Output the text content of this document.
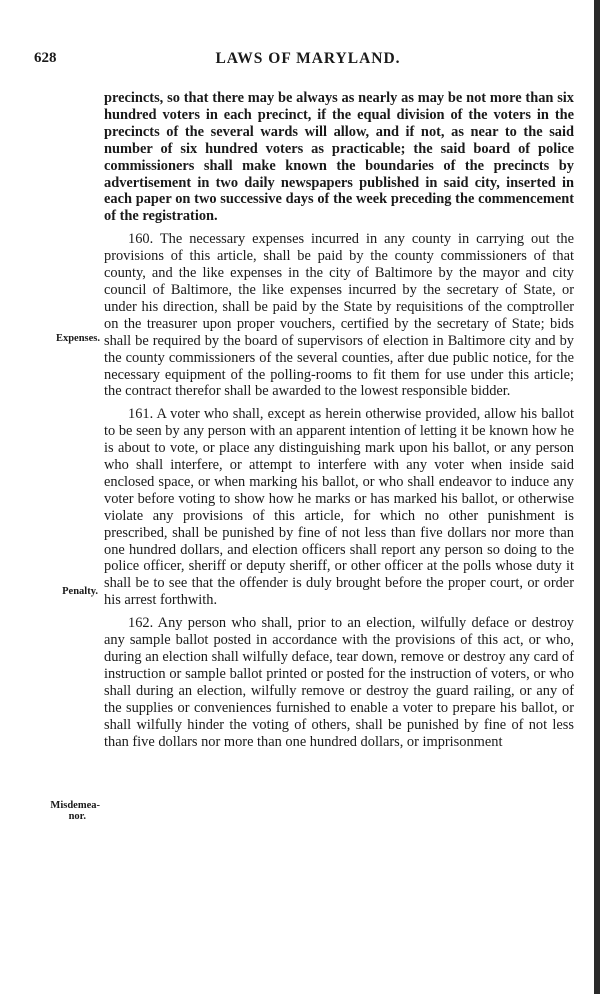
628	LAWS OF MARYLAND.

precincts, so that there may be always as nearly as may be not more than six hundred voters in each precinct, if the equal division of the voters in the precincts of the several wards will allow, and if not, as near to the said number of six hundred voters as practicable; the said board of police commissioners shall make known the boundaries of the precincts by advertisement in two daily newspapers published in said city, inserted in each paper on two successive days of the week preceding the commencement of the registration.

160. The necessary expenses incurred in any county in carrying out the provisions of this article, shall be paid by the county commissioners of that county, and the like expenses in the city of Baltimore by the mayor and city council of Baltimore, the like expenses incurred by the secretary of State, or under his direction, shall be paid by the State by requisitions of the comptroller on the treasurer upon proper vouchers, certified by the secretary of State; bids shall be required by the board of supervisors of election in Baltimore city and by the county commissioners of the several counties, after due public notice, for the necessary equipment of the polling-rooms to fit them for use under this article; the contract therefor shall be awarded to the lowest responsible bidder.

161. A voter who shall, except as herein otherwise provided, allow his ballot to be seen by any person with an apparent intention of letting it be known how he is about to vote, or place any distinguishing mark upon his ballot, or any person who shall interfere, or attempt to interfere with any voter when inside said enclosed space, or when marking his ballot, or who shall endeavor to induce any voter before voting to show how he marks or has marked his ballot, or otherwise violate any provisions of this article, for which no other punishment is prescribed, shall be punished by fine of not less than five dollars nor more than one hundred dollars, and election officers shall report any person so doing to the police officer, sheriff or deputy sheriff, or other officer at the polls whose duty it shall be to see that the offender is duly brought before the proper court, or order his arrest forthwith.

162. Any person who shall, prior to an election, wilfully deface or destroy any sample ballot posted in accordance with the provisions of this act, or who, during an election shall wilfully deface, tear down, remove or destroy any card of instruction or sample ballot printed or posted for the instruction of voters, or who shall during an election, wilfully remove or destroy the guard railing, or any of the supplies or conveniences furnished to enable a voter to prepare his ballot, or shall wilfully hinder the voting of others, shall be punished by fine of not less than five dollars nor more than one hundred dollars, or imprisonment

Expenses.
Penalty.
Misdemea-
nor.
